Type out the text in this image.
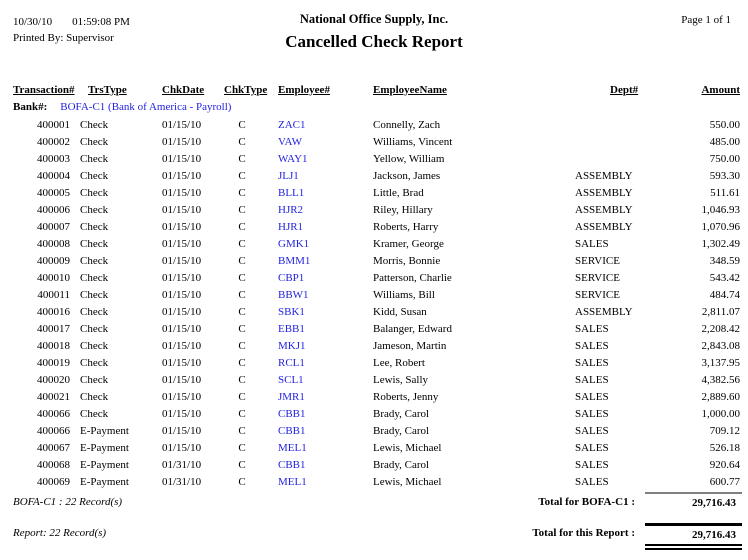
10/30/10 01:59:08 PM
Printed By: Supervisor
National Office Supply, Inc.
Cancelled Check Report
Page 1 of 1
Transaction#	TrsType	ChkDate	ChkType	Employee#	EmployeeName	Dept#	Amount
Bank#: BOFA-C1 (Bank of America - Payroll)							
400001	Check	01/15/10	C	ZAC1	Connelly, Zach		550.00
400002	Check	01/15/10	C	VAW	Williams, Vincent		485.00
400003	Check	01/15/10	C	WAY1	Yellow, William		750.00
400004	Check	01/15/10	C	JLJ1	Jackson, James	ASSEMBLY	593.30
400005	Check	01/15/10	C	BLL1	Little, Brad	ASSEMBLY	511.61
400006	Check	01/15/10	C	HJR2	Riley, Hillary	ASSEMBLY	1,046.93
400007	Check	01/15/10	C	HJR1	Roberts, Harry	ASSEMBLY	1,070.96
400008	Check	01/15/10	C	GMK1	Kramer, George	SALES	1,302.49
400009	Check	01/15/10	C	BMM1	Morris, Bonnie	SERVICE	348.59
400010	Check	01/15/10	C	CBP1	Patterson, Charlie	SERVICE	543.42
400011	Check	01/15/10	C	BBW1	Williams, Bill	SERVICE	484.74
400016	Check	01/15/10	C	SBK1	Kidd, Susan	ASSEMBLY	2,811.07
400017	Check	01/15/10	C	EBB1	Balanger, Edward	SALES	2,208.42
400018	Check	01/15/10	C	MKJ1	Jameson, Martin	SALES	2,843.08
400019	Check	01/15/10	C	RCL1	Lee, Robert	SALES	3,137.95
400020	Check	01/15/10	C	SCL1	Lewis, Sally	SALES	4,382.56
400021	Check	01/15/10	C	JMR1	Roberts, Jenny	SALES	2,889.60
400066	Check	01/15/10	C	CBB1	Brady, Carol	SALES	1,000.00
400066	E-Payment	01/15/10	C	CBB1	Brady, Carol	SALES	709.12
400067	E-Payment	01/15/10	C	MEL1	Lewis, Michael	SALES	526.18
400068	E-Payment	01/31/10	C	CBB1	Brady, Carol	SALES	920.64
400069	E-Payment	01/31/10	C	MEL1	Lewis, Michael	SALES	600.77
BOFA-C1 : 22 Record(s)	Total for BOFA-C1 :	29,716.43
Report: 22 Record(s)	Total for this Report :	29,716.43
